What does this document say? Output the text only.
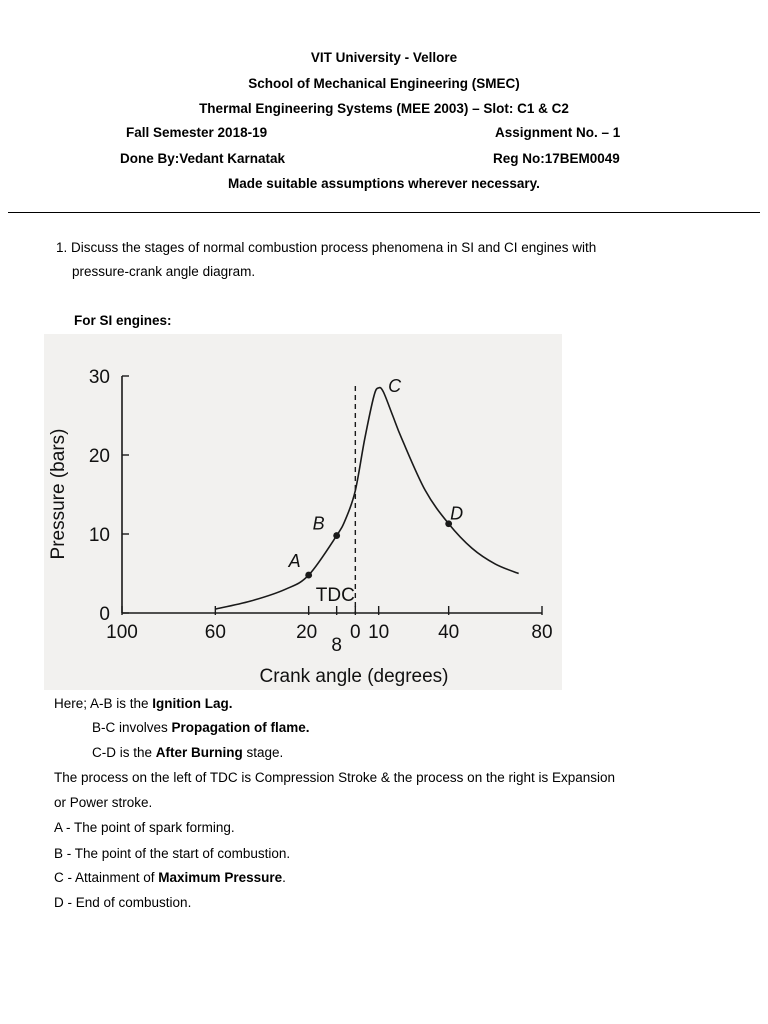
VIT University - Vellore
School of Mechanical Engineering (SMEC)
Thermal Engineering Systems (MEE 2003) – Slot: C1 & C2
Fall Semester 2018-19	Assignment No. – 1
Done By:Vedant Karnatak	Reg No:17BEM0049
Made suitable assumptions wherever necessary.
1. Discuss the stages of normal combustion process phenomena in SI and CI engines with
pressure-crank angle diagram.
For SI engines:
0
10
20
30
100	60	20
8
0 10	40	80
TDC
A
B
C
D
Pressure (bars)
Crank angle (degrees)
Here; A-B is the Ignition Lag.
B-C involves Propagation of flame.
C-D is the After Burning stage.
The process on the left of TDC is Compression Stroke & the process on the right is Expansion
or Power stroke.
A - The point of spark forming.
B - The point of the start of combustion.
C - Attainment of Maximum Pressure.
D - End of combustion.
